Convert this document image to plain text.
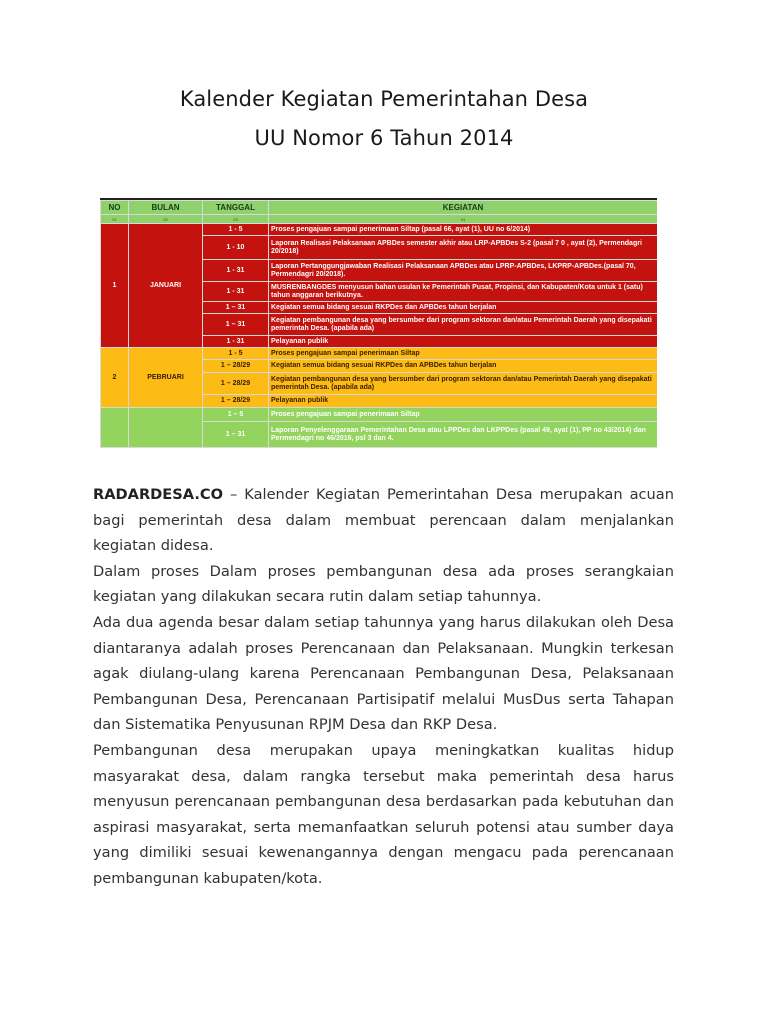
Kalender Kegiatan Pemerintahan Desa
UU Nomor 6 Tahun 2014
NO	BULAN	TANGGAL	KEGIATAN
01	02	03	04
1	JANUARI	1 - 5	Proses pengajuan sampai penerimaan Siltap (pasal 66, ayat (1), UU no 6/2014)
		1 - 10	Laporan Realisasi Pelaksanaan APBDes semester akhir atau LRP-APBDes S-2 (pasal 7 0 , ayat (2), Permendagri 20/2018)
		1 - 31	Laporan Pertanggungjawaban Realisasi Pelaksanaan APBDes atau LPRP-APBDes, LKPRP-APBDes.(pasal 70, Permendagri 20/2018).
		1 - 31	MUSRENBANGDES menyusun bahan usulan ke Pemerintah Pusat, Propinsi, dan Kabupaten/Kota untuk 1 (satu) tahun anggaran berikutnya.
		1 – 31	Kegiatan semua bidang sesuai RKPDes dan APBDes tahun berjalan
		1 – 31	Kegiatan pembangunan desa yang bersumber dari program sektoran dan/atau Pemerintah Daerah yang disepakati pemerintah Desa. (apabila ada)
		1 - 31	Pelayanan publik
2	PEBRUARI	1 - 5	Proses pengajuan sampai penerimaan Siltap
		1 – 28/29	Kegiatan semua bidang sesuai RKPDes dan APBDes tahun berjalan
		1 – 28/29	Kegiatan pembangunan desa yang bersumber dari program sektoran dan/atau Pemerintah Daerah yang disepakati pemerintah Desa. (apabila ada)
		1 – 28/29	Pelayanan publik
		1 – 5	Proses pengajuan sampai penerimaan Siltap
		1 – 31	Laporan Penyelenggaraan Pemerintahan Desa atau LPPDes dan LKPPDes (pasal 49, ayat (1), PP no 43/2014) dan Permendagri no 46/2016, psl 3 dan 4.

RADARDESA.CO – Kalender Kegiatan Pemerintahan Desa merupakan acuan bagi pemerintah desa dalam membuat perencaan dalam menjalankan kegiatan didesa.

Dalam proses Dalam proses pembangunan desa ada proses serangkaian kegiatan yang dilakukan secara rutin dalam setiap tahunnya.

Ada dua agenda besar dalam setiap tahunnya yang harus dilakukan oleh Desa diantaranya adalah proses Perencanaan dan Pelaksanaan. Mungkin terkesan agak diulang-ulang karena Perencanaan Pembangunan Desa, Pelaksanaan Pembangunan Desa, Perencanaan Partisipatif melalui MusDus serta Tahapan dan Sistematika Penyusunan RPJM Desa dan RKP Desa.

Pembangunan desa merupakan upaya meningkatkan kualitas hidup masyarakat desa, dalam rangka tersebut maka pemerintah desa harus menyusun perencanaan pembangunan desa berdasarkan pada kebutuhan dan aspirasi masyarakat, serta memanfaatkan seluruh potensi atau sumber daya yang dimiliki sesuai kewenangannya dengan mengacu pada perencanaan pembangunan kabupaten/kota.
